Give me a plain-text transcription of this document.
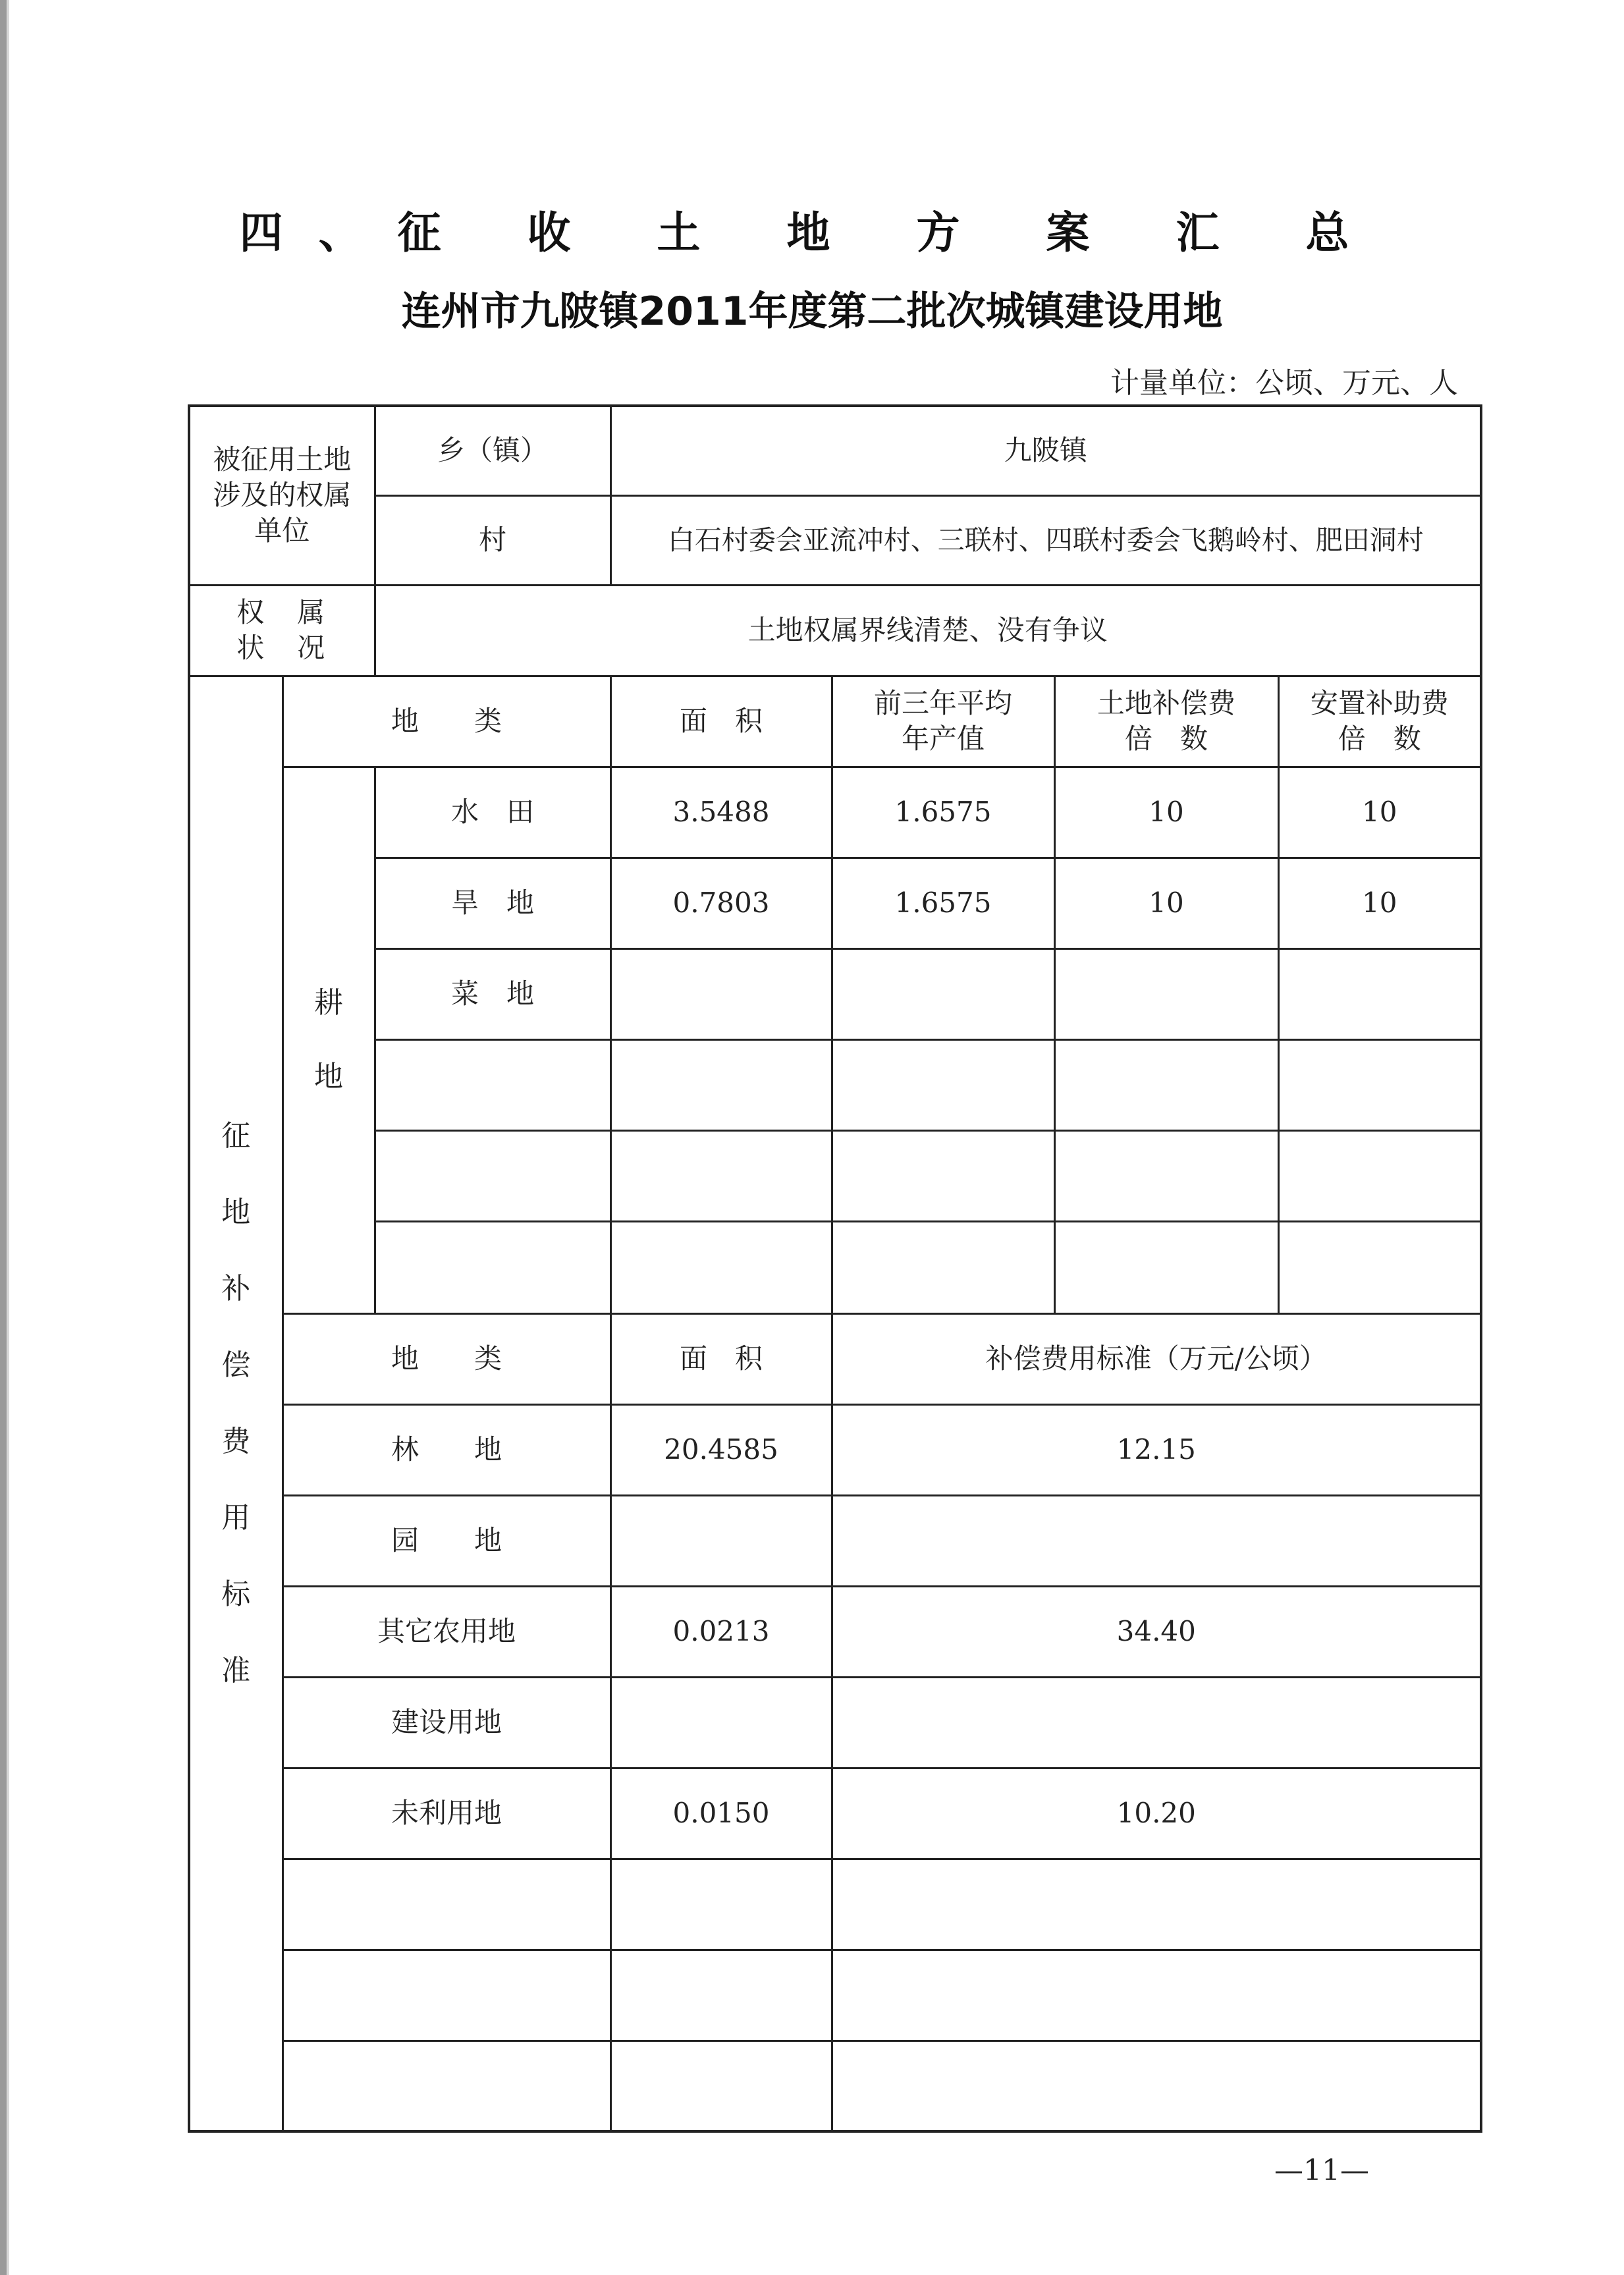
四、征 收 土 地 方 案 汇 总
连州市九陂镇2011年度第二批次城镇建设用地
计量单位：公顷、万元、人
被征用土地涉及的权属单位		乡（镇）	九陂镇			
		村	白石村委会亚流冲村、三联村、四联村委会飞鹅岭村、肥田洞村			

权　属状　况		土地权属界线清楚、没有争议				

征地补偿费用标准	地　　类		面　积	前三年平均年产值	土地补偿费倍　数	安置补助费倍　数

	耕地	水　田	3.5488	1.6575	10	10
		旱　地	0.7803	1.6575	10	10
		菜　地				

	地　　类		面　积	补偿费用标准（万元/公顷）		
	林　　地		20.4585	12.15		
	园　　地					
	其它农用地		0.0213	34.40		
	建设用地					
	未利用地		0.0150	10.20		

—11—
